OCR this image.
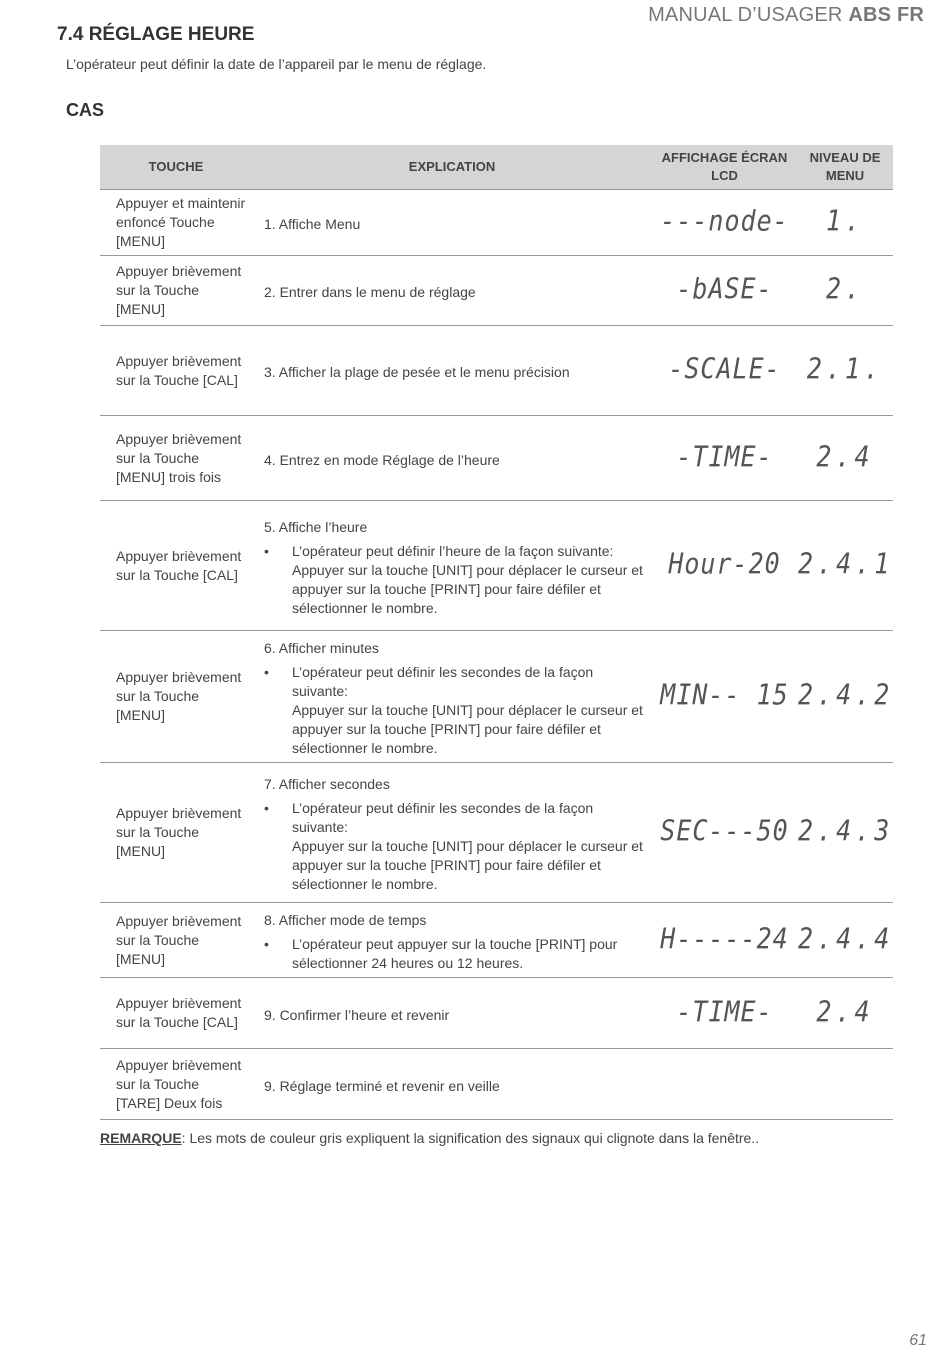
MANUAL D’USAGER ABS FR
7.4 RÉGLAGE HEURE
L’opérateur peut définir la date de l’appareil par le menu de réglage.
CAS
TOUCHE	EXPLICATION	AFFICHAGE ÉCRAN LCD	NIVEAU DE MENU
Appuyer et maintenir enfoncé Touche [MENU]	1. Affiche Menu	---node-	1.
Appuyer brièvement sur la Touche [MENU]	2. Entrer dans le menu de réglage	-bASE-	2.
Appuyer brièvement sur la Touche [CAL]	3. Afficher la plage de pesée et le menu précision	-SCALE-	2.1.
Appuyer brièvement sur la Touche [MENU] trois fois	4. Entrez en mode Réglage de l’heure	-TIME-	2.4
Appuyer brièvement sur la Touche [CAL]	5. Affiche l’heure
• L’opérateur peut définir l’heure de la façon suivante:
Appuyer sur la touche [UNIT] pour déplacer le curseur et appuyer sur la touche [PRINT] pour faire défiler et sélectionner le nombre.	Hour-20	2.4.1
Appuyer brièvement sur la Touche [MENU]	6. Afficher minutes
• L’opérateur peut définir les secondes de la façon suivante:
Appuyer sur la touche [UNIT] pour déplacer le curseur et appuyer sur la touche [PRINT] pour faire défiler et sélectionner le nombre.	MIN-- 15	2.4.2
Appuyer brièvement sur la Touche [MENU]	7. Afficher secondes
• L’opérateur peut définir les secondes de la façon suivante:
Appuyer sur la touche [UNIT] pour déplacer le curseur et appuyer sur la touche [PRINT] pour faire défiler et sélectionner le nombre.	SEC---50	2.4.3
Appuyer brièvement sur la Touche [MENU]	8. Afficher mode de temps
• L’opérateur peut appuyer sur la touche [PRINT] pour sélectionner 24 heures ou 12 heures.	H-----24	2.4.4
Appuyer brièvement sur la Touche [CAL]	9. Confirmer l’heure et revenir	-TIME-	2.4
Appuyer brièvement sur la Touche [TARE] Deux fois	9. Réglage terminé et revenir en veille		

REMARQUE: Les mots de couleur gris expliquent la signification des signaux qui clignote dans la fenêtre..
61
